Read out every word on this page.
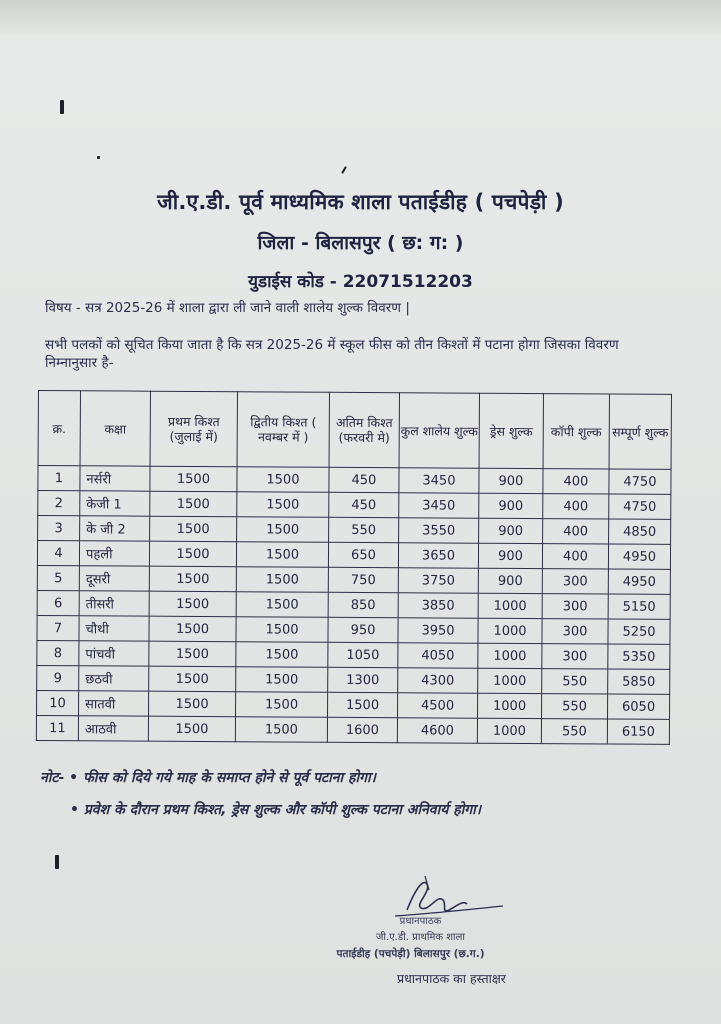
जी.ए.डी. पूर्व माध्यमिक शाला पताईडीह ( पचपेड़ी )
जिला - बिलासपुर ( छ: ग: )
युडाईस कोड - 22071512203
विषय - सत्र 2025-26 में शाला द्वारा ली जाने वाली शालेय शुल्क विवरण |
सभी पलकों को सूचित किया जाता है कि सत्र 2025-26 में स्कूल फीस को तीन किश्तों में पटाना होगा जिसका विवरण निम्नानुसार है-
क्र.	कक्षा	प्रथम किश्त (जुलाई में)	द्वितीय किश्त ( नवम्बर में )	अतिम किश्त (फरवरी मे)	कुल शालेय शुल्क	ड्रेस शुल्क	कॉपी शुल्क	सम्पूर्ण शुल्क
1	नर्सरी	1500	1500	450	3450	900	400	4750
2	केजी 1	1500	1500	450	3450	900	400	4750
3	के जी 2	1500	1500	550	3550	900	400	4850
4	पहली	1500	1500	650	3650	900	400	4950
5	दूसरी	1500	1500	750	3750	900	300	4950
6	तीसरी	1500	1500	850	3850	1000	300	5150
7	चौथी	1500	1500	950	3950	1000	300	5250
8	पांचवी	1500	1500	1050	4050	1000	300	5350
9	छठवी	1500	1500	1300	4300	1000	550	5850
10	सातवी	1500	1500	1500	4500	1000	550	6050
11	आठवी	1500	1500	1600	4600	1000	550	6150
नोट- • फीस को दिये गये माह के समाप्त होने से पूर्व पटाना होगा।
• प्रवेश के दौरान प्रथम किश्त, ड्रेस शुल्क और कॉपी शुल्क पटाना अनिवार्य होगा।
प्रधानपाठक
जी.ए.डी. प्राथमिक शाला
पताईडीह (पचपेड़ी) बिलासपुर (छ.ग.)
प्रधानपाठक का हस्ताक्षर
